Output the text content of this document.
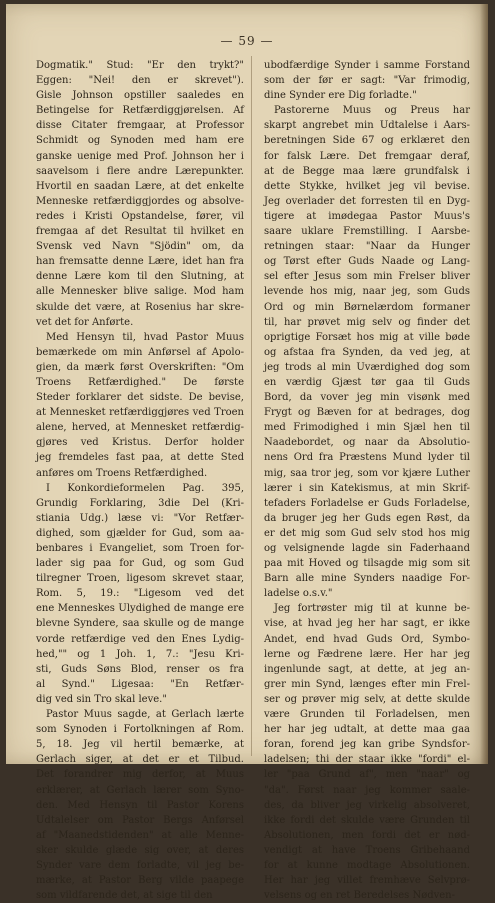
— 59 —
Dogmatik." Stud: "Er den trykt?"
Eggen: "Nei! den er skrevet").
Gisle Johnson opstiller saaledes en
Betingelse for Retfærdiggjørelsen. Af
disse Citater fremgaar, at Professor
Schmidt og Synoden med ham ere
ganske uenige med Prof. Johnson her i
saavelsom i flere andre Lærepunkter.
Hvortil en saadan Lære, at det enkelte
Menneske retfærdiggjordes og absolve-
redes i Kristi Opstandelse, fører, vil
fremgaa af det Resultat til hvilket en
Svensk ved Navn "Sjödin" om, da
han fremsatte denne Lære, idet han fra
denne Lære kom til den Slutning, at
alle Mennesker blive salige. Mod ham
skulde det være, at Rosenius har skre-
vet det for Anførte.
Med Hensyn til, hvad Pastor Muus
bemærkede om min Anførsel af Apolo-
gien, da mærk først Overskriften: "Om
Troens Retfærdighed." De første
Steder forklarer det sidste. De bevise,
at Mennesket retfærdiggjøres ved Troen
alene, herved, at Mennesket retfærdig-
gjøres ved Kristus. Derfor holder
jeg fremdeles fast paa, at dette Sted
anføres om Troens Retfærdighed.
I Konkordieformelen Pag. 395,
Grundig Forklaring, 3die Del (Kri-
stiania Udg.) læse vi: "Vor Retfær-
dighed, som gjælder for Gud, som aa-
benbares i Evangeliet, som Troen for-
lader sig paa for Gud, og som Gud
tilregner Troen, ligesom skrevet staar,
Rom. 5, 19.: "Ligesom ved det
ene Menneskes Ulydighed de mange ere
blevne Syndere, saa skulle og de mange
vorde retfærdige ved den Enes Lydig-
hed,"" og 1 Joh. 1, 7.: "Jesu Kri-
sti, Guds Søns Blod, renser os fra
al Synd." Ligesaa: "En Retfær-
dig ved sin Tro skal leve."
Pastor Muus sagde, at Gerlach lærte
som Synoden i Fortolkningen af Rom.
5, 18. Jeg vil hertil bemærke, at
Gerlach siger, at det er et Tilbud.
Det forandrer mig derfor, at Muus
erklærer, at Gerlach lærer som Syno-
den. Med Hensyn til Pastor Korens
Udtalelser om Pastor Bergs Anførsel
af "Maanedstidenden" at alle Menne-
sker skulde glæde sig over, at deres
Synder vare dem forladte, vil jeg be-
mærke, at Pastor Berg vilde paapege
som vildfarende det, at sige til den
ubodfærdige Synder i samme Forstand
som der før er sagt: "Var frimodig,
dine Synder ere Dig forladte."
Pastorerne Muus og Preus har
skarpt angrebet min Udtalelse i Aars-
beretningen Side 67 og erklæret den
for falsk Lære. Det fremgaar deraf,
at de Begge maa lære grundfalsk i
dette Stykke, hvilket jeg vil bevise.
Jeg overlader det forresten til en Dyg-
tigere at imødegaa Pastor Muus's
saare uklare Fremstilling. I Aarsbe-
retningen staar: "Naar da Hunger
og Tørst efter Guds Naade og Lang-
sel efter Jesus som min Frelser bliver
levende hos mig, naar jeg, som Guds
Ord og min Børnelærdom formaner
til, har prøvet mig selv og finder det
oprigtige Forsæt hos mig at ville bøde
og afstaa fra Synden, da ved jeg, at
jeg trods al min Uværdighed dog som
en værdig Gjæst tør gaa til Guds
Bord, da vover jeg min visønk med
Frygt og Bæven for at bedrages, dog
med Frimodighed i min Sjæl hen til
Naadebordet, og naar da Absolutio-
nens Ord fra Præstens Mund lyder til
mig, saa tror jeg, som vor kjære Luther
lærer i sin Katekismus, at min Skrif-
tefaders Forladelse er Guds Forladelse,
da bruger jeg her Guds egen Røst, da
er det mig som Gud selv stod hos mig
og velsignende lagde sin Faderhaand
paa mit Hoved og tilsagde mig som sit
Barn alle mine Synders naadige For-
ladelse o.s.v."
Jeg fortrøster mig til at kunne be-
vise, at hvad jeg her har sagt, er ikke
Andet, end hvad Guds Ord, Symbo-
lerne og Fædrene lære. Her har jeg
ingenlunde sagt, at dette, at jeg an-
grer min Synd, længes efter min Frel-
ser og prøver mig selv, at dette skulde
være Grunden til Forladelsen, men
her har jeg udtalt, at dette maa gaa
foran, forend jeg kan gribe Syndsfor-
ladelsen; thi der staar ikke "fordi" el-
ler "paa Grund af", men "naar" og
"da". Først naar jeg kommer saale-
des, da bliver jeg virkelig absolveret,
ikke fordi det skulde være Grunden til
Absolutionen, men fordi det er nød-
vendigt at have Troens Gribehaand
for at kunne modtage Absolutionen.
Her har jeg villet fremhæve Selvprø-
velsens og en ret Beredelses Nødven-
